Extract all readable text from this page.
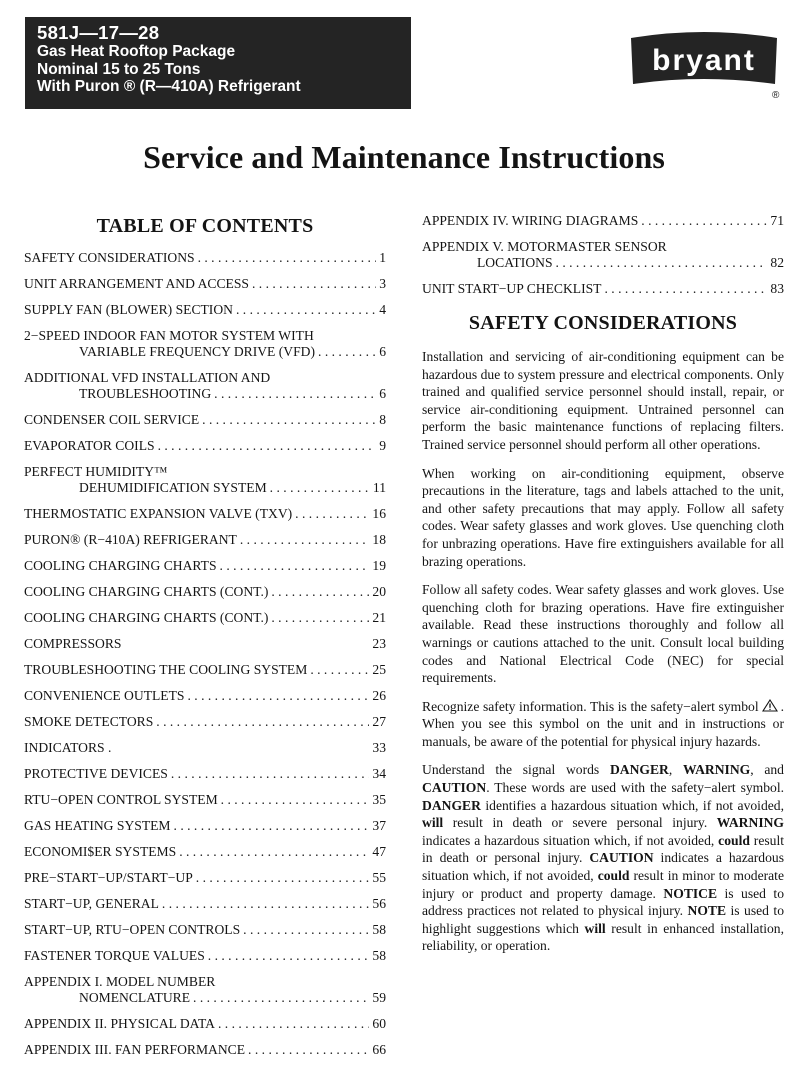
581J—17—28
Gas Heat Rooftop Package
Nominal 15 to 25 Tons
With Puron ® (R—410A) Refrigerant
bryant
®
Service and Maintenance Instructions
TABLE OF CONTENTS
SAFETY CONSIDERATIONS . . .	1
UNIT ARRANGEMENT AND ACCESS . . .	3
SUPPLY FAN (BLOWER) SECTION . . .	4
2−SPEED INDOOR FAN MOTOR SYSTEM WITH
VARIABLE FREQUENCY DRIVE (VFD) . . .	6
ADDITIONAL VFD INSTALLATION AND
TROUBLESHOOTING . . .	6
CONDENSER COIL SERVICE . . .	8
EVAPORATOR COILS . . .	9
PERFECT HUMIDITY™
DEHUMIDIFICATION SYSTEM . . .	11
THERMOSTATIC EXPANSION VALVE (TXV) . . .	16
PURON® (R−410A) REFRIGERANT . . .	18
COOLING CHARGING CHARTS . . .	19
COOLING CHARGING CHARTS (CONT.) . . .	20
COOLING CHARGING CHARTS (CONT.) . . .	21
COMPRESSORS	23
TROUBLESHOOTING THE COOLING SYSTEM . . .	25
CONVENIENCE OUTLETS . . .	26
SMOKE DETECTORS . . .	27
INDICATORS .	33
PROTECTIVE DEVICES . . .	34
RTU−OPEN CONTROL SYSTEM . . .	35
GAS HEATING SYSTEM . . .	37
ECONOMI$ER SYSTEMS . . .	47
PRE−START−UP/START−UP . . .	55
START−UP, GENERAL . . .	56
START−UP, RTU−OPEN CONTROLS . . .	58
FASTENER TORQUE VALUES . . .	58
APPENDIX I. MODEL NUMBER
NOMENCLATURE . . .	59
APPENDIX II. PHYSICAL DATA . . .	60
APPENDIX III. FAN PERFORMANCE . . .	66
APPENDIX IV. WIRING DIAGRAMS . . .	71
APPENDIX V. MOTORMASTER SENSOR
LOCATIONS . . .	82
UNIT START−UP CHECKLIST . . .	83
SAFETY CONSIDERATIONS

Installation and servicing of air-conditioning equipment can be hazardous due to system pressure and electrical components. Only trained and qualified service personnel should install, repair, or service air-conditioning equipment. Untrained personnel can perform the basic maintenance functions of replacing filters. Trained service personnel should perform all other operations.

When working on air-conditioning equipment, observe precautions in the literature, tags and labels attached to the unit, and other safety precautions that may apply. Follow all safety codes. Wear safety glasses and work gloves. Use quenching cloth for unbrazing operations. Have fire extinguishers available for all brazing operations.

Follow all safety codes. Wear safety glasses and work gloves. Use quenching cloth for brazing operations. Have fire extinguisher available. Read these instructions thoroughly and follow all warnings or cautions attached to the unit. Consult local building codes and National Electrical Code (NEC) for special requirements.

Recognize safety information. This is the safety−alert symbol . When you see this symbol on the unit and in instructions or manuals, be aware of the potential for physical injury hazards.

Understand the signal words DANGER, WARNING, and CAUTION. These words are used with the safety−alert symbol. DANGER identifies a hazardous situation which, if not avoided, will result in death or severe personal injury. WARNING indicates a hazardous situation which, if not avoided, could result in death or personal injury. CAUTION indicates a hazardous situation which, if not avoided, could result in minor to moderate injury or product and property damage. NOTICE is used to address practices not related to physical injury. NOTE is used to highlight suggestions which will result in enhanced installation, reliability, or operation.
